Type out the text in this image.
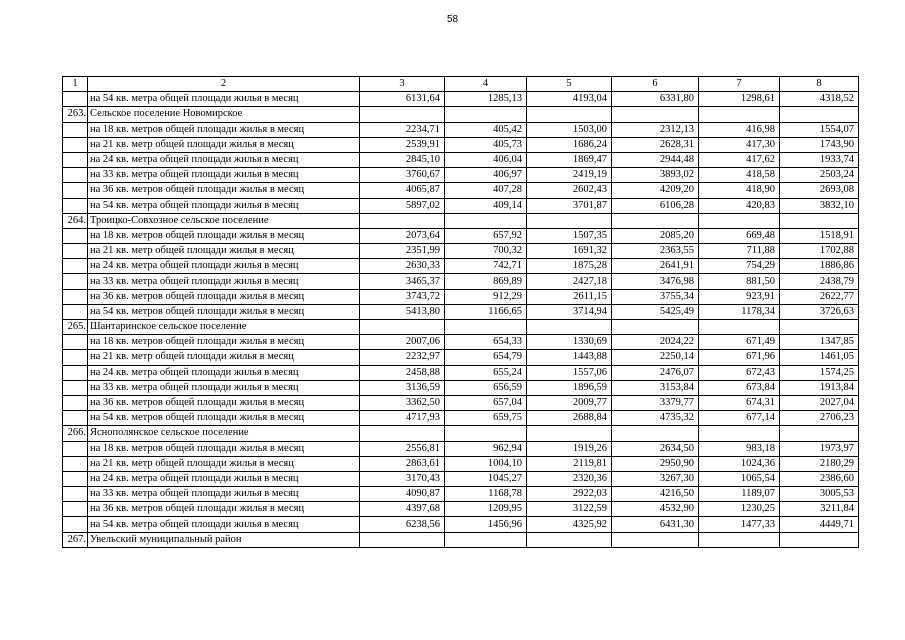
58
1	2	3	4	5	6	7	8
	на 54 кв. метра общей площади жилья в месяц	6131,64	1285,13	4193,04	6331,80	1298,61	4318,52
263.	Сельское поселение Новомирское						
	на 18 кв. метров общей площади жилья в месяц	2234,71	405,42	1503,00	2312,13	416,98	1554,07
	на 21 кв. метр общей площади жилья в месяц	2539,91	405,73	1686,24	2628,31	417,30	1743,90
	на 24 кв. метра общей площади жилья в месяц	2845,10	406,04	1869,47	2944,48	417,62	1933,74
	на 33 кв. метра общей площади жилья в месяц	3760,67	406,97	2419,19	3893,02	418,58	2503,24
	на 36 кв. метров общей площади жилья в месяц	4065,87	407,28	2602,43	4209,20	418,90	2693,08
	на 54 кв. метра общей площади жилья в месяц	5897,02	409,14	3701,87	6106,28	420,83	3832,10
264.	Троицко-Совхозное сельское поселение						
	на 18 кв. метров общей площади жилья в месяц	2073,64	657,92	1507,35	2085,20	669,48	1518,91
	на 21 кв. метр общей площади жилья в месяц	2351,99	700,32	1691,32	2363,55	711,88	1702,88
	на 24 кв. метра общей площади жилья в месяц	2630,33	742,71	1875,28	2641,91	754,29	1886,86
	на 33 кв. метра общей площади жилья в месяц	3465,37	869,89	2427,18	3476,98	881,50	2438,79
	на 36 кв. метров общей площади жилья в месяц	3743,72	912,29	2611,15	3755,34	923,91	2622,77
	на 54 кв. метров общей площади жилья в месяц	5413,80	1166,65	3714,94	5425,49	1178,34	3726,63
265.	Шантаринское сельское поселение						
	на 18 кв. метров общей площади жилья в месяц	2007,06	654,33	1330,69	2024,22	671,49	1347,85
	на 21 кв. метр общей площади жилья в месяц	2232,97	654,79	1443,88	2250,14	671,96	1461,05
	на 24 кв. метра общей площади жилья в месяц	2458,88	655,24	1557,06	2476,07	672,43	1574,25
	на 33 кв. метра общей площади жилья в месяц	3136,59	656,59	1896,59	3153,84	673,84	1913,84
	на 36 кв. метров общей площади жилья в месяц	3362,50	657,04	2009,77	3379,77	674,31	2027,04
	на 54 кв. метров общей площади жилья в месяц	4717,93	659,75	2688,84	4735,32	677,14	2706,23
266.	Яснополянское сельское поселение						
	на 18 кв. метров общей площади жилья в месяц	2556,81	962,94	1919,26	2634,50	983,18	1973,97
	на 21 кв. метр общей площади жилья в месяц	2863,61	1004,10	2119,81	2950,90	1024,36	2180,29
	на 24 кв. метра общей площади жилья в месяц	3170,43	1045,27	2320,36	3267,30	1065,54	2386,60
	на 33 кв. метра общей площади жилья в месяц	4090,87	1168,78	2922,03	4216,50	1189,07	3005,53
	на 36 кв. метров общей площади жилья в месяц	4397,68	1209,95	3122,59	4532,90	1230,25	3211,84
	на 54 кв. метра общей площади жилья в месяц	6238,56	1456,96	4325,92	6431,30	1477,33	4449,71
267.	Увельский муниципальный район						
